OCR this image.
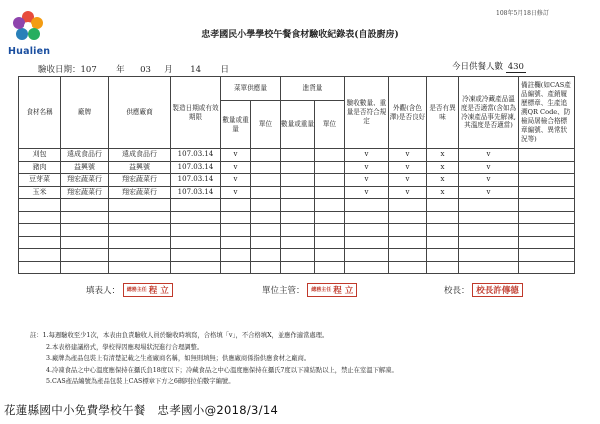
Hualien
108年5月18日修訂
忠孝國民小學學校午餐食材驗收紀錄表(自設廚房)
驗收日期：107 年 03 月 14 日	今日供餐人數 430
食材名稱	廠牌	供應廠商	製造日期或有效期限	菜單供應量		進貨量		驗收數量、重量是否符合規定	外觀(含色澤)是否良好	是否有異味	冷凍或冷藏產品溫度是否適當(含如為冷凍產品事先解凍,其溫度是否適當)	備註欄(如CAS產品編號、產銷履歷標章、生產追溯QR Code、防檢局屠檢合格標章編號、異常狀況等)
				數量或重量	單位	數量或重量	單位					
刈包	遠成食品行	遠成食品行	107.03.14	v				v	v	x	v	
豬肉	益興號	益興號	107.03.14	v				v	v	x	v	
豆芽菜	翔宏蔬菜行	翔宏蔬菜行	107.03.14	v				v	v	x	v	
玉米	翔宏蔬菜行	翔宏蔬菜行	107.03.14	v				v	v	x	v	

填表人： 總務主任 程 立	單位主管： 總務主任 程 立	校長： 校長許傳德
註：1.每週驗收至少1次，本表由負責驗收人員於驗收時填寫，合格填「v」，不合格填X，並應作適當處理。
2.本表格建議格式，學校得因應現場狀況進行合理調整。
3.廠牌為產品包裝上有清楚記載之生產廠商名稱，如無則填無；供應廠商係指供應食材之廠商。
4.冷凍食品之中心溫度應保持在攝氏負18度以下；冷藏食品之中心溫度應保持在攝氏7度以下凍結點以上，禁止在室溫下解凍。
5.CAS產品編號為產品包裝上CAS標章下方之6碼阿拉伯數字編號。
花蓮縣國中小免費學校午餐　忠孝國小@2018/3/14
